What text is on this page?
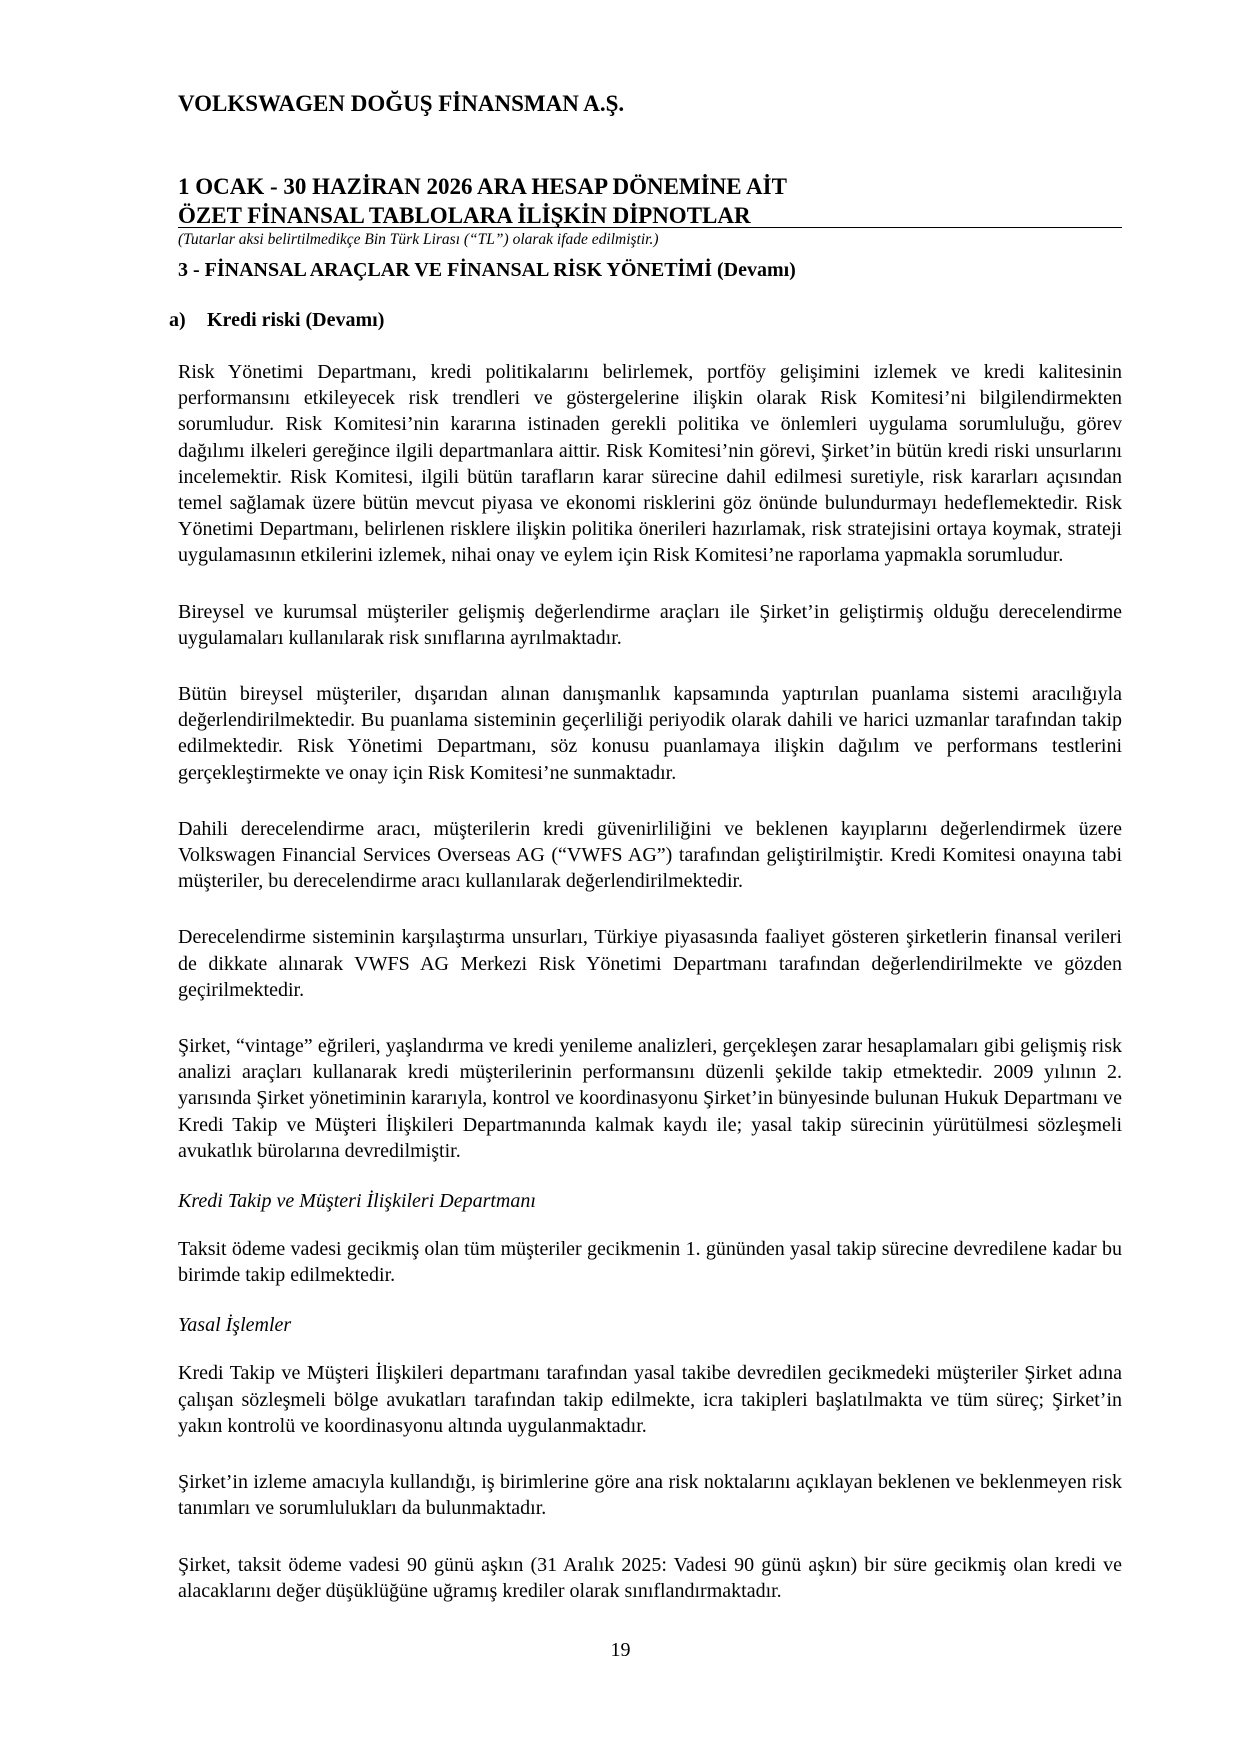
VOLKSWAGEN DOĞUŞ FİNANSMAN A.Ş.

1 OCAK - 30 HAZİRAN 2026 ARA HESAP DÖNEMİNE AİT

ÖZET FİNANSAL TABLOLARA İLİŞKİN DİPNOTLAR

(Tutarlar aksi belirtilmedikçe Bin Türk Lirası (“TL”) olarak ifade edilmiştir.)

3 - FİNANSAL ARAÇLAR VE FİNANSAL RİSK YÖNETİMİ (Devamı)

a)	Kredi riski (Devamı)

Risk Yönetimi Departmanı, kredi politikalarını belirlemek, portföy gelişimini izlemek ve kredi kalitesinin performansını etkileyecek risk trendleri ve göstergelerine ilişkin olarak Risk Komitesi’ni bilgilendirmekten sorumludur. Risk Komitesi’nin kararına istinaden gerekli politika ve önlemleri uygulama sorumluluğu, görev dağılımı ilkeleri gereğince ilgili departmanlara aittir. Risk Komitesi’nin görevi, Şirket’in bütün kredi riski unsurlarını incelemektir. Risk Komitesi, ilgili bütün tarafların karar sürecine dahil edilmesi suretiyle, risk kararları açısından temel sağlamak üzere bütün mevcut piyasa ve ekonomi risklerini göz önünde bulundurmayı hedeflemektedir. Risk Yönetimi Departmanı, belirlenen risklere ilişkin politika önerileri hazırlamak, risk stratejisini ortaya koymak, strateji uygulamasının etkilerini izlemek, nihai onay ve eylem için Risk Komitesi’ne raporlama yapmakla sorumludur.

Bireysel ve kurumsal müşteriler gelişmiş değerlendirme araçları ile Şirket’in geliştirmiş olduğu derecelendirme uygulamaları kullanılarak risk sınıflarına ayrılmaktadır.

Bütün bireysel müşteriler, dışarıdan alınan danışmanlık kapsamında yaptırılan puanlama sistemi aracılığıyla değerlendirilmektedir. Bu puanlama sisteminin geçerliliği periyodik olarak dahili ve harici uzmanlar tarafından takip edilmektedir. Risk Yönetimi Departmanı, söz konusu puanlamaya ilişkin dağılım ve performans testlerini gerçekleştirmekte ve onay için Risk Komitesi’ne sunmaktadır.

Dahili derecelendirme aracı, müşterilerin kredi güvenirliliğini ve beklenen kayıplarını değerlendirmek üzere Volkswagen Financial Services Overseas AG (“VWFS AG”) tarafından geliştirilmiştir. Kredi Komitesi onayına tabi müşteriler, bu derecelendirme aracı kullanılarak değerlendirilmektedir.

Derecelendirme sisteminin karşılaştırma unsurları, Türkiye piyasasında faaliyet gösteren şirketlerin finansal verileri de dikkate alınarak VWFS AG Merkezi Risk Yönetimi Departmanı tarafından değerlendirilmekte ve gözden geçirilmektedir.

Şirket, “vintage” eğrileri, yaşlandırma ve kredi yenileme analizleri, gerçekleşen zarar hesaplamaları gibi gelişmiş risk analizi araçları kullanarak kredi müşterilerinin performansını düzenli şekilde takip etmektedir. 2009 yılının 2. yarısında Şirket yönetiminin kararıyla, kontrol ve koordinasyonu Şirket’in bünyesinde bulunan Hukuk Departmanı ve Kredi Takip ve Müşteri İlişkileri Departmanında kalmak kaydı ile; yasal takip sürecinin yürütülmesi sözleşmeli avukatlık bürolarına devredilmiştir.

Kredi Takip ve Müşteri İlişkileri Departmanı

Taksit ödeme vadesi gecikmiş olan tüm müşteriler gecikmenin 1. gününden yasal takip sürecine devredilene kadar bu birimde takip edilmektedir.

Yasal İşlemler

Kredi Takip ve Müşteri İlişkileri departmanı tarafından yasal takibe devredilen gecikmedeki müşteriler Şirket adına çalışan sözleşmeli bölge avukatları tarafından takip edilmekte, icra takipleri başlatılmakta ve tüm süreç; Şirket’in yakın kontrolü ve koordinasyonu altında uygulanmaktadır.

Şirket’in izleme amacıyla kullandığı, iş birimlerine göre ana risk noktalarını açıklayan beklenen ve beklenmeyen risk tanımları ve sorumlulukları da bulunmaktadır.

Şirket, taksit ödeme vadesi 90 günü aşkın (31 Aralık 2025: Vadesi 90 günü aşkın) bir süre gecikmiş olan kredi ve alacaklarını değer düşüklüğüne uğramış krediler olarak sınıflandırmaktadır.

19
